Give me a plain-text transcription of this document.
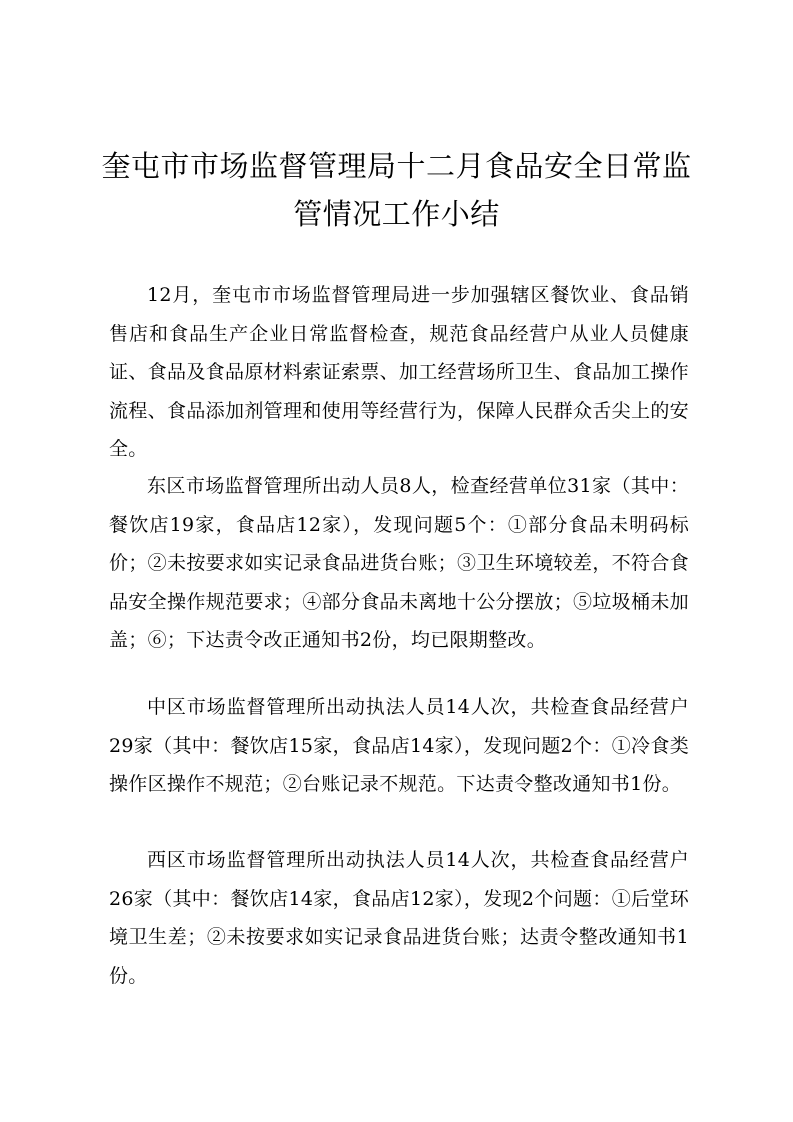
奎屯市市场监督管理局十二月食品安全日常监
管情况工作小结

12月，奎屯市市场监督管理局进一步加强辖区餐饮业、食品销售店和食品生产企业日常监督检查，规范食品经营户从业人员健康证、食品及食品原材料索证索票、加工经营场所卫生、食品加工操作流程、食品添加剂管理和使用等经营行为，保障人民群众舌尖上的安全。

东区市场监督管理所出动人员8人，检查经营单位31家（其中：餐饮店19家，食品店12家），发现问题5个：①部分食品未明码标价；②未按要求如实记录食品进货台账；③卫生环境较差，不符合食品安全操作规范要求；④部分食品未离地十公分摆放；⑤垃圾桶未加盖；⑥；下达责令改正通知书2份，均已限期整改。

中区市场监督管理所出动执法人员14人次，共检查食品经营户29家（其中：餐饮店15家，食品店14家），发现问题2个：①冷食类操作区操作不规范；②台账记录不规范。下达责令整改通知书1份。

西区市场监督管理所出动执法人员14人次，共检查食品经营户26家（其中：餐饮店14家，食品店12家），发现2个问题：①后堂环境卫生差；②未按要求如实记录食品进货台账；达责令整改通知书1份。
